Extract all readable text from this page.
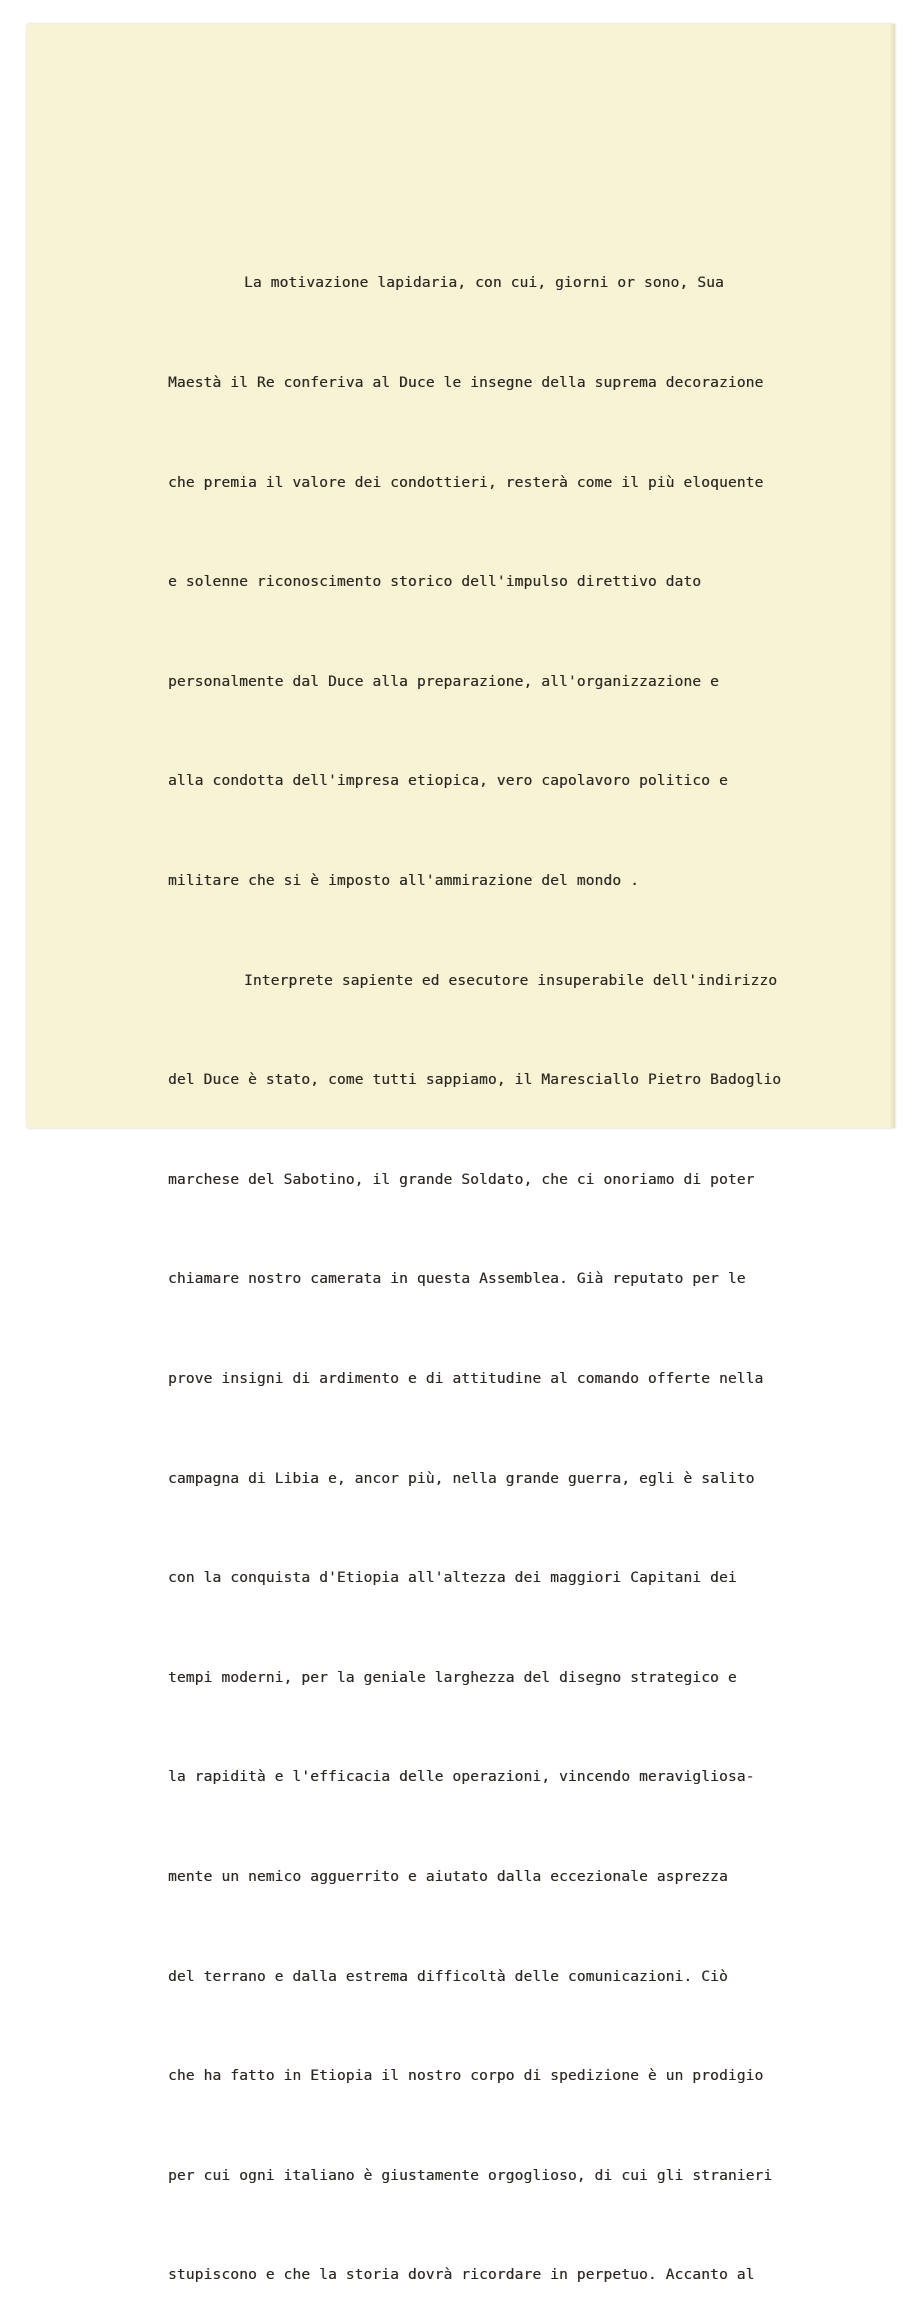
La motivazione lapidaria, con cui, giorni or sono, Sua

Maestà il Re conferiva al Duce le insegne della suprema decorazione

che premia il valore dei condottieri, resterà come il più eloquente

e solenne riconoscimento storico dell'impulso direttivo dato

personalmente dal Duce alla preparazione, all'organizzazione e

alla condotta dell'impresa etiopica, vero capolavoro politico e

militare che si è imposto all'ammirazione del mondo .

Interprete sapiente ed esecutore insuperabile dell'indirizzo

del Duce è stato, come tutti sappiamo, il Maresciallo Pietro Badoglio

marchese del Sabotino, il grande Soldato, che ci onoriamo di poter

chiamare nostro camerata in questa Assemblea. Già reputato per le

prove insigni di ardimento e di attitudine al comando offerte nella

campagna di Libia e, ancor più, nella grande guerra, egli è salito

con la conquista d'Etiopia all'altezza dei maggiori Capitani dei

tempi moderni, per la geniale larghezza del disegno strategico e

la rapidità e l'efficacia delle operazioni, vincendo meravigliosa-

mente un nemico agguerrito e aiutato dalla eccezionale asprezza

del terrano e dalla estrema difficoltà delle comunicazioni. Ciò

che ha fatto in Etiopia il nostro corpo di spedizione è un prodigio

per cui ogni italiano è giustamente orgoglioso, di cui gli stranieri

stupiscono e che la storia dovrà ricordare in perpetuo. Accanto al
